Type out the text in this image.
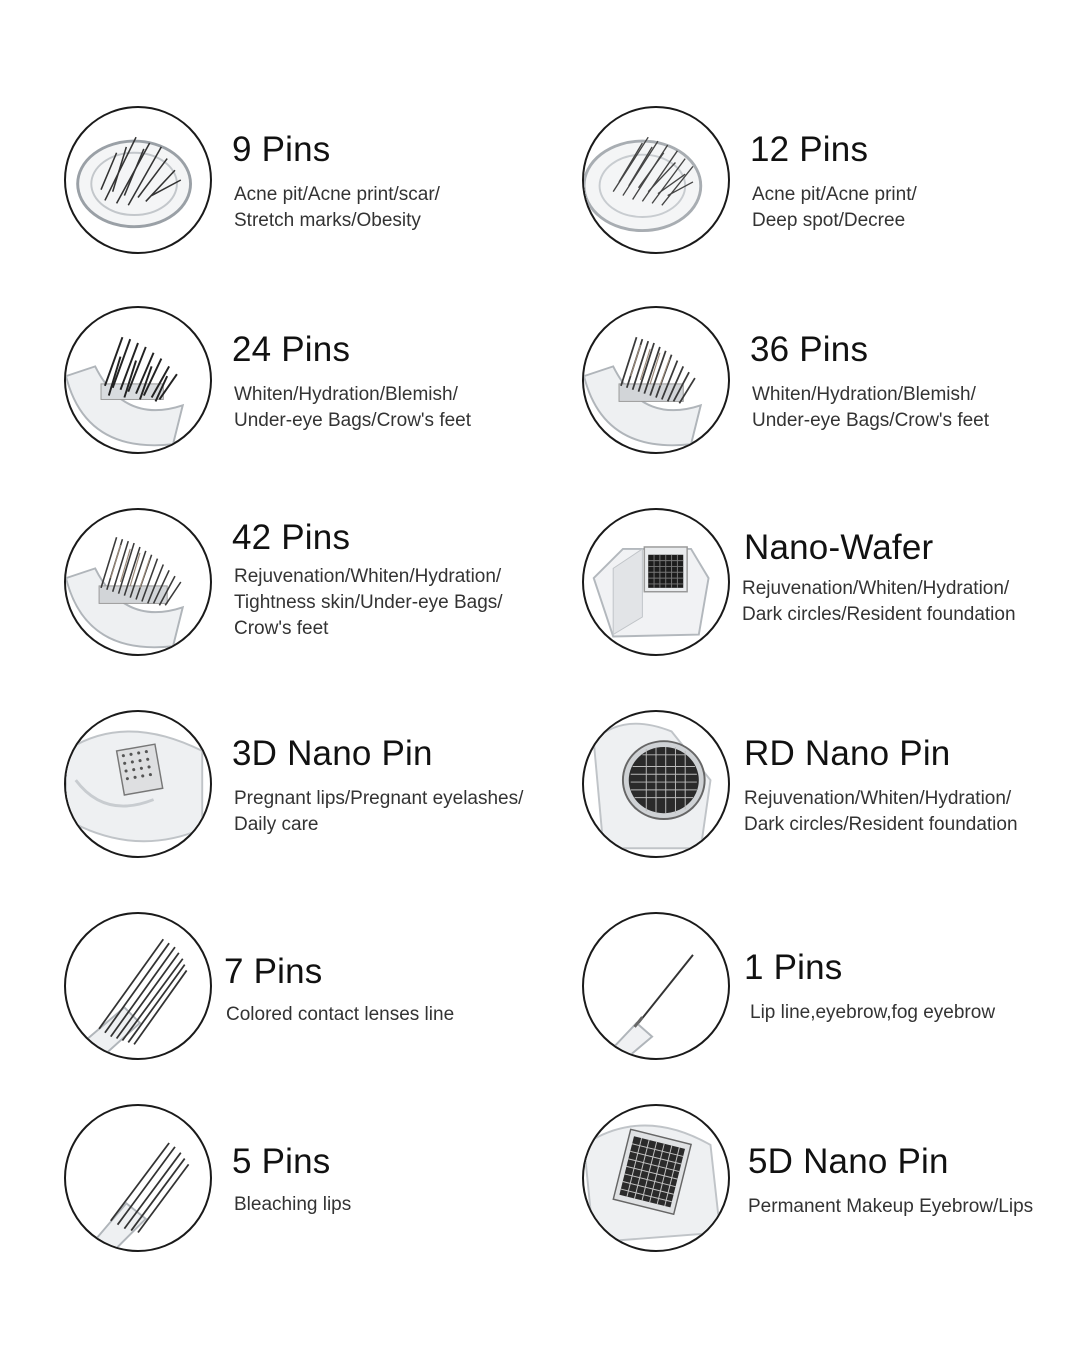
9 Pins
Acne pit/Acne print/scar/
Stretch marks/Obesity
12 Pins
Acne pit/Acne print/
Deep spot/Decree
24 Pins
Whiten/Hydration/Blemish/
Under-eye Bags/Crow's feet
36 Pins
Whiten/Hydration/Blemish/
Under-eye Bags/Crow's feet
42 Pins
Rejuvenation/Whiten/Hydration/
Tightness skin/Under-eye Bags/
Crow's feet
Nano-Wafer
Rejuvenation/Whiten/Hydration/
Dark circles/Resident foundation
3D Nano Pin
Pregnant lips/Pregnant eyelashes/
Daily care
RD Nano Pin
Rejuvenation/Whiten/Hydration/
Dark circles/Resident foundation
7 Pins
Colored contact lenses line
1 Pins
Lip line,eyebrow,fog eyebrow
5 Pins
Bleaching lips
5D Nano Pin
Permanent Makeup Eyebrow/Lips
